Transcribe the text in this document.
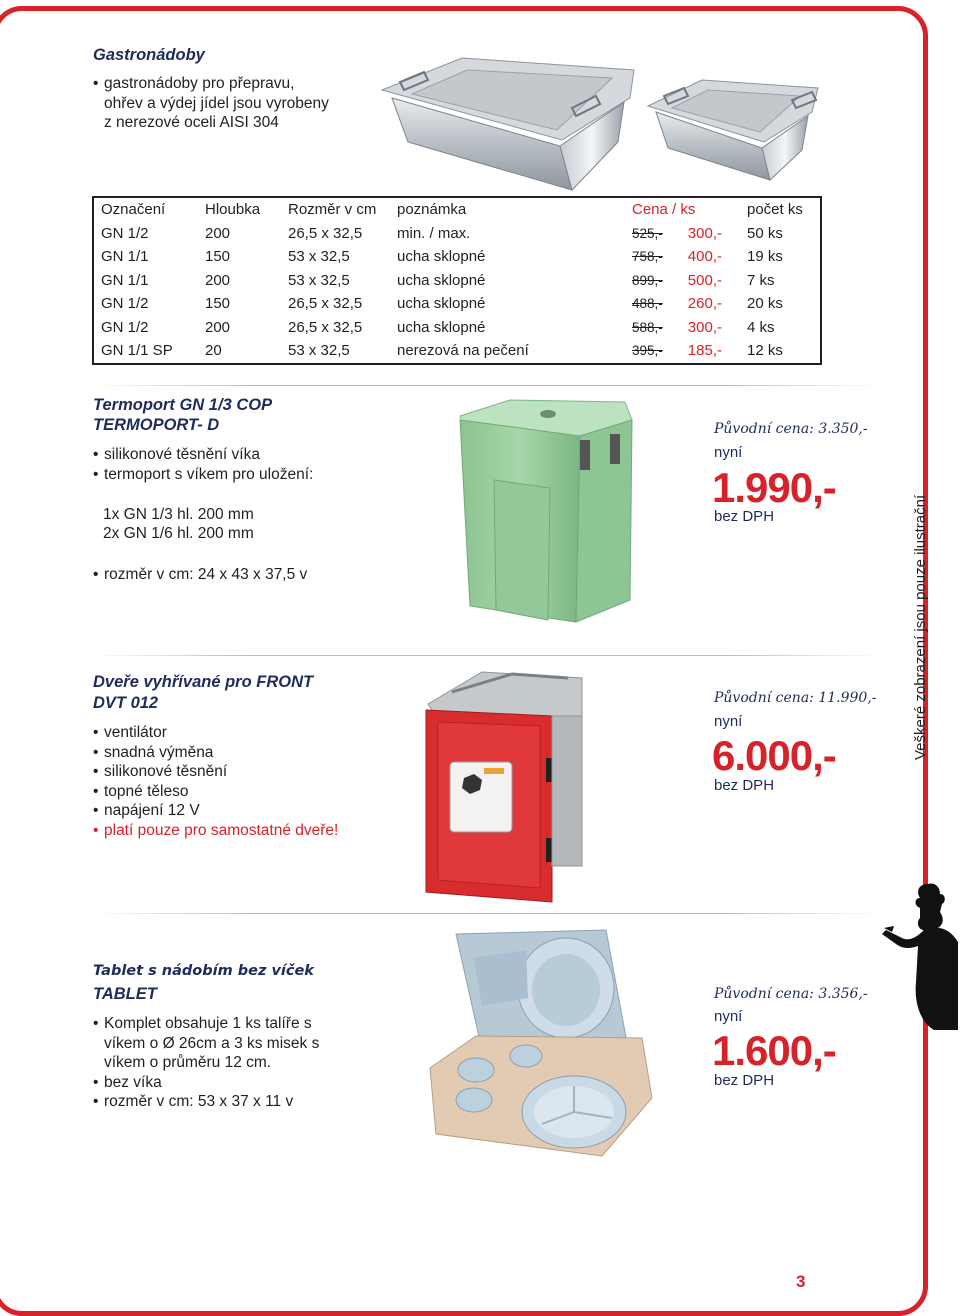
Gastronádoby
• gastronádoby pro přepravu,
ohřev a výdej jídel jsou vyrobeny
z nerezové oceli AISI 304
Označení	Hloubka	Rozměr v cm	poznámka	Cena / ks	počet ks
GN 1/2	200	26,5 x 32,5	min. / max.	525,- 300,-	50 ks
GN 1/1	150	53 x 32,5	ucha sklopné	758,- 400,-	19 ks
GN 1/1	200	53 x 32,5	ucha sklopné	899,- 500,-	7 ks
GN 1/2	150	26,5 x 32,5	ucha sklopné	488,- 260,-	20 ks
GN 1/2	200	26,5 x 32,5	ucha sklopné	588,- 300,-	4 ks
GN 1/1 SP	20	53 x 32,5	nerezová na pečení	395,- 185,-	12 ks
Termoport GN 1/3 COP
TERMOPORT- D
• silikonové těsnění víka
• termoport s víkem pro uložení:
1x GN 1/3 hl. 200 mm
2x GN 1/6 hl. 200 mm
• rozměr v cm: 24 x 43 x 37,5 v
Původní cena: 3.350,-
nyní
1.990,-
bez DPH
Dveře vyhřívané pro FRONT
DVT 012
• ventilátor
• snadná výměna
• silikonové těsnění
• topné těleso
• napájení 12 V
• platí pouze pro samostatné dveře!
Původní cena: 11.990,-
nyní
6.000,-
bez DPH
Tablet s nádobím bez víček
TABLET
• Komplet obsahuje 1 ks talíře s
víkem o Ø 26cm a 3 ks misek s
víkem o průměru 12 cm.
• bez víka
• rozměr v cm: 53 x 37 x 11 v
Původní cena: 3.356,-
nyní
1.600,-
bez DPH
Veškeré zobrazení jsou pouze ilustrační
3
